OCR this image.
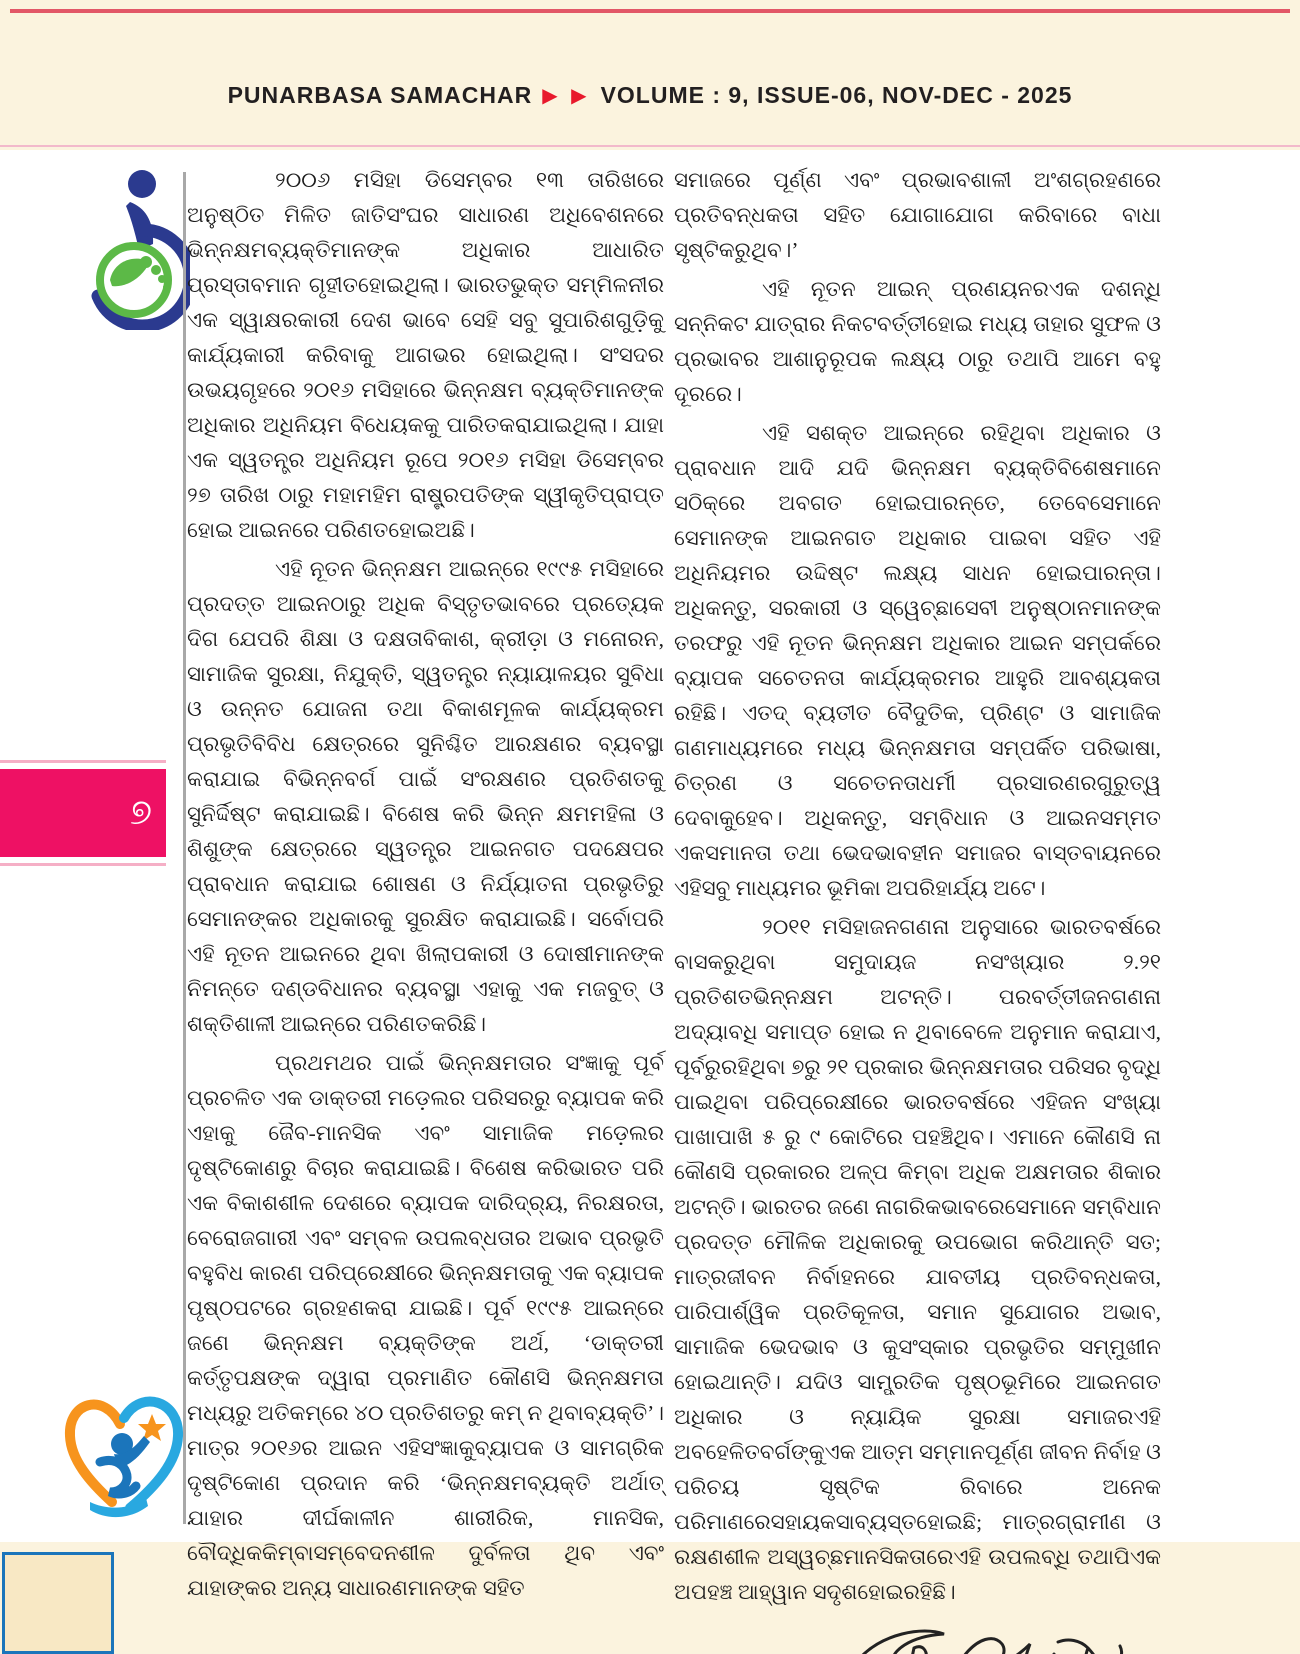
PUNARBASA SAMACHAR ▶ ▶ VOLUME : 9, ISSUE-06, NOV-DEC - 2025
୭

୨୦୦୬ ମସିହା ଡିସେମ୍ବର ୧୩ ତାରିଖରେ ଅନୁଷ୍ଠିତ ମିଳିତ ଜାତିସଂଘର ସାଧାରଣ ଅଧିବେଶନରେ ଭିନ୍ନକ୍ଷମବ୍ୟକ୍ତିମାନଙ୍କ ଅଧିକାର ଆଧାରିତ ପ୍ରସ୍ତାବମାନ ଗୃହୀତହୋଇଥିଲା। ଭାରତଭୁକ୍ତ ସମ୍ମିଳନୀର ଏକ ସ୍ୱାକ୍ଷରକାରୀ ଦେଶ ଭାବେ ସେହି ସବୁ ସୁପାରିଶଗୁଡ଼ିକୁ କାର୍ଯ୍ୟକାରୀ କରିବାକୁ ଆଗଭର ହୋଇଥିଲା। ସଂସଦର ଉଭୟଗୃହରେ ୨୦୧୬ ମସିହାରେ ଭିନ୍ନକ୍ଷମ ବ୍ୟକ୍ତିମାନଙ୍କ ଅଧିକାର ଅଧିନିୟମ ବିଧେୟକକୁ ପାରିତକରାଯାଇଥିଲା। ଯାହା ଏକ ସ୍ୱତନ୍ତ୍ର ଅଧିନିୟମ ରୂପେ ୨୦୧୬ ମସିହା ଡିସେମ୍ବର ୨୭ ତାରିଖ ଠାରୁ ମହାମହିମ ରାଷ୍ଟ୍ରପତିଙ୍କ ସ୍ୱୀକୃତିପ୍ରାପ୍ତ ହୋଇ ଆଇନରେ ପରିଣତହୋଇଅଛି।

ଏହି ନୂତନ ଭିନ୍ନକ୍ଷମ ଆଇନ୍‌ରେ ୧୯୯୫ ମସିହାରେ ପ୍ରଦତ୍ତ ଆଇନଠାରୁ ଅଧିକ ବିସ୍ତୃତଭାବରେ ପ୍ରତ୍ୟେକ ଦିଗ ଯେପରି ଶିକ୍ଷା ଓ ଦକ୍ଷତାବିକାଶ, କ୍ରୀଡ଼ା ଓ ମନୋରନ, ସାମାଜିକ ସୁରକ୍ଷା, ନିଯୁକ୍ତି, ସ୍ୱତନ୍ତ୍ର ନ୍ୟାୟାଳୟର ସୁବିଧା ଓ ଉନ୍ନତ ଯୋଜନା ତଥା ବିକାଶମୂଳକ କାର୍ଯ୍ୟକ୍ରମ ପ୍ରଭୃତିବିବିଧ କ୍ଷେତ୍ରରେ ସୁନିଶ୍ଚିତ ଆରକ୍ଷଣର ବ୍ୟବସ୍ଥା କରାଯାଇ ବିଭିନ୍ନବର୍ଗ ପାଇଁ ସଂରକ୍ଷଣର ପ୍ରତିଶତକୁ ସୁନିର୍ଦ୍ଦିଷ୍ଟ କରାଯାଇଛି। ବିଶେଷ କରି ଭିନ୍ନ କ୍ଷମମହିଳା ଓ ଶିଶୁଙ୍କ କ୍ଷେତ୍ରରେ ସ୍ୱତନ୍ତ୍ର ଆଇନଗତ ପଦକ୍ଷେପର ପ୍ରାବଧାନ କରାଯାଇ ଶୋଷଣ ଓ ନିର୍ଯ୍ୟାତନା ପ୍ରଭୃତିରୁ ସେମାନଙ୍କର ଅଧିକାରକୁ ସୁରକ୍ଷିତ କରାଯାଇଛି। ସର୍ବୋପରି ଏହି ନୂତନ ଆଇନରେ ଥିବା ଖିଲାପକାରୀ ଓ ଦୋଷୀମାନଙ୍କ ନିମନ୍ତେ ଦଣ୍ଡବିଧାନର ବ୍ୟବସ୍ଥା ଏହାକୁ ଏକ ମଜବୁତ୍ ଓ ଶକ୍ତିଶାଳୀ ଆଇନ୍‌ରେ ପରିଣତକରିଛି।

ପ୍ରଥମଥର ପାଇଁ ଭିନ୍ନକ୍ଷମତାର ସଂଜ୍ଞାକୁ ପୂର୍ବ ପ୍ରଚଳିତ ଏକ ଡାକ୍ତରୀ ମଡ଼େଲର ପରିସରରୁ ବ୍ୟାପକ କରି ଏହାକୁ ଜୈବ-ମାନସିକ ଏବଂ ସାମାଜିକ ମଡ଼େଲର ଦୃଷ୍ଟିକୋଣରୁ ବିଚାର କରାଯାଇଛି। ବିଶେଷ କରିଭାରତ ପରି ଏକ ବିକାଶଶୀଳ ଦେଶରେ ବ୍ୟାପକ ଦାରିଦ୍ର୍ୟ, ନିରକ୍ଷରତା, ବେରୋଜଗାରୀ ଏବଂ ସମ୍ବଳ ଉପଲବ୍ଧତାର ଅଭାବ ପ୍ରଭୃତି ବହୁବିଧ କାରଣ ପରିପ୍ରେକ୍ଷୀରେ ଭିନ୍ନକ୍ଷମତାକୁ ଏକ ବ୍ୟାପକ ପୃଷ୍ଠପଟରେ ଗ୍ରହଣକରା ଯାଇଛି। ପୂର୍ବ ୧୯୯୫ ଆଇନ୍‌ରେ ଜଣେ ଭିନ୍ନକ୍ଷମ ବ୍ୟକ୍ତିଙ୍କ ଅର୍ଥ, ‘ଡାକ୍ତରୀ କର୍ତ୍ତୃପକ୍ଷଙ୍କ ଦ୍ୱାରା ପ୍ରମାଣିତ କୌଣସି ଭିନ୍ନକ୍ଷମତା ମଧ୍ୟରୁ ଅତିକମ୍‌ରେ ୪୦ ପ୍ରତିଶତରୁ କମ୍ ନ ଥିବାବ୍ୟକ୍ତି’। ମାତ୍ର ୨୦୧୬ର ଆଇନ ଏହିସଂଜ୍ଞାକୁବ୍ୟାପକ ଓ ସାମଗ୍ରିକ ଦୃଷ୍ଟିକୋଣ ପ୍ରଦାନ କରି ‘ଭିନ୍ନକ୍ଷମବ୍ୟକ୍ତି ଅର୍ଥାତ୍ ଯାହାର ଦୀର୍ଘକାଳୀନ ଶାରୀରିକ, ମାନସିକ, ବୌଦ୍ଧିକକିମ୍ବାସମ୍ବେଦନଶୀଳ ଦୁର୍ବଳତା ଥିବ ଏବଂ ଯାହାଙ୍କର ଅନ୍ୟ ସାଧାରଣମାନଙ୍କ ସହିତ

ସମାଜରେ ପୂର୍ଣ୍ଣ ଏବଂ ପ୍ରଭାବଶାଳୀ ଅଂଶଗ୍ରହଣରେ ପ୍ରତିବନ୍ଧକତା ସହିତ ଯୋଗାଯୋଗ କରିବାରେ ବାଧା ସୃଷ୍ଟିକରୁଥିବ।’

ଏହି ନୂତନ ଆଇନ୍ ପ୍ରଣୟନରଏକ ଦଶନ୍ଧି ସନ୍ନିକଟ ଯାତ୍ରାର ନିକଟବର୍ତ୍ତୀହୋଇ ମଧ୍ୟ ତାହାର ସୁଫଳ ଓ ପ୍ରଭାବର ଆଶାନୁରୂପକ ଲକ୍ଷ୍ୟ ଠାରୁ ତଥାପି ଆମେ ବହୁ ଦୂରରେ।

ଏହି ସଶକ୍ତ ଆଇନ୍‌ରେ ରହିଥିବା ଅଧିକାର ଓ ପ୍ରାବଧାନ ଆଦି ଯଦି ଭିନ୍ନକ୍ଷମ ବ୍ୟକ୍ତିବିଶେଷମାନେ ସଠିକ୍‌ରେ ଅବଗତ ହୋଇପାରନ୍ତେ, ତେବେସେମାନେ ସେମାନଙ୍କ ଆଇନଗତ ଅଧିକାର ପାଇବା ସହିତ ଏହି ଅଧିନିୟମର ଉଦ୍ଦିଷ୍ଟ ଲକ୍ଷ୍ୟ ସାଧନ ହୋଇପାରନ୍ତା। ଅଧିକନ୍ତୁ, ସରକାରୀ ଓ ସ୍ୱେଚ୍ଛାସେବୀ ଅନୁଷ୍ଠାନମାନଙ୍କ ତରଫରୁ ଏହି ନୂତନ ଭିନ୍ନକ୍ଷମ ଅଧିକାର ଆଇନ ସମ୍ପର୍କରେ ବ୍ୟାପକ ସଚେତନତା କାର୍ଯ୍ୟକ୍ରମର ଆହୁରି ଆବଶ୍ୟକତା ରହିଛି। ଏତଦ୍ ବ୍ୟତୀତ ବୈଦୁତିକ, ପ୍ରିଣ୍ଟ ଓ ସାମାଜିକ ଗଣମାଧ୍ୟମରେ ମଧ୍ୟ ଭିନ୍ନକ୍ଷମତା ସମ୍ପର୍କିତ ପରିଭାଷା, ଚିତ୍ରଣ ଓ ସଚେତନତାଧର୍ମୀ ପ୍ରସାରଣରଗୁରୁତ୍ୱ ଦେବାକୁହେବ। ଅଧିକନ୍ତୁ, ସମ୍ବିଧାନ ଓ ଆଇନସମ୍ମତ ଏକସମାନତା ତଥା ଭେଦଭାବହୀନ ସମାଜର ବାସ୍ତବାୟନରେ ଏହିସବୁ ମାଧ୍ୟମର ଭୂମିକା ଅପରିହାର୍ଯ୍ୟ ଅଟେ।

୨୦୧୧ ମସିହାଜନଗଣନା ଅନୁସାରେ ଭାରତବର୍ଷରେ ବାସକରୁଥିବା ସମୁଦାୟଜ ନସଂଖ୍ୟାର ୨.୨୧ ପ୍ରତିଶତଭିନ୍ନକ୍ଷମ ଅଟନ୍ତି। ପରବର୍ତ୍ତୀଜନଗଣନା ଅଦ୍ୟାବଧି ସମାପ୍ତ ହୋଇ ନ ଥିବାବେଳେ ଅନୁମାନ କରାଯାଏ, ପୂର୍ବରୁରହିଥିବା ୭ରୁ ୨୧ ପ୍ରକାର ଭିନ୍ନକ୍ଷମତାର ପରିସର ବୃଦ୍ଧି ପାଇଥିବା ପରିପ୍ରେକ୍ଷୀରେ ଭାରତବର୍ଷରେ ଏହିଜନ ସଂଖ୍ୟା ପାଖାପାଖି ୫ ରୁ ୯ କୋଟିରେ ପହଞ୍ଚିଥିବ। ଏମାନେ କୌଣସି ନା କୌଣସି ପ୍ରକାରର ଅଳ୍ପ କିମ୍ବା ଅଧିକ ଅକ୍ଷମତାର ଶିକାର ଅଟନ୍ତି। ଭାରତର ଜଣେ ନାଗରିକଭାବରେସେମାନେ ସମ୍ବିଧାନ ପ୍ରଦତ୍ତ ମୌଳିକ ଅଧିକାରକୁ ଉପଭୋଗ କରିଥାନ୍ତି ସତ; ମାତ୍ରଜୀବନ ନିର୍ବାହନରେ ଯାବତୀୟ ପ୍ରତିବନ୍ଧକତା, ପାରିପାର୍ଶ୍ୱିକ ପ୍ରତିକୂଳତା, ସମାନ ସୁଯୋଗର ଅଭାବ, ସାମାଜିକ ଭେଦଭାବ ଓ କୁସଂସ୍କାର ପ୍ରଭୃତିର ସମ୍ମୁଖୀନ ହୋଇଥାନ୍ତି। ଯଦିଓ ସାମ୍ପ୍ରତିକ ପୃଷ୍ଠଭୂମିରେ ଆଇନଗତ ଅଧିକାର ଓ ନ୍ୟାୟିକ ସୁରକ୍ଷା ସମାଜରଏହି ଅବହେଳିତବର୍ଗଙ୍କୁଏକ ଆତ୍ମ ସମ୍ମାନପୂର୍ଣ୍ଣ ଜୀବନ ନିର୍ବାହ ଓ ପରିଚୟ ସୃଷ୍ଟିକ ରିବାରେ ଅନେକ ପରିମାଣରେସହାୟକସାବ୍ୟସ୍ତହୋଇଛି; ମାତ୍ରଗ୍ରାମୀଣ ଓ ରକ୍ଷଣଶୀଳ ଅସ୍ୱଚ୍ଛମାନସିକତାରେଏହି ଉପଲବ୍ଧି ତଥାପିଏକ ଅପହଞ୍ଚ ଆହ୍ୱାନ ସଦୃଶହୋଇରହିଛି।
